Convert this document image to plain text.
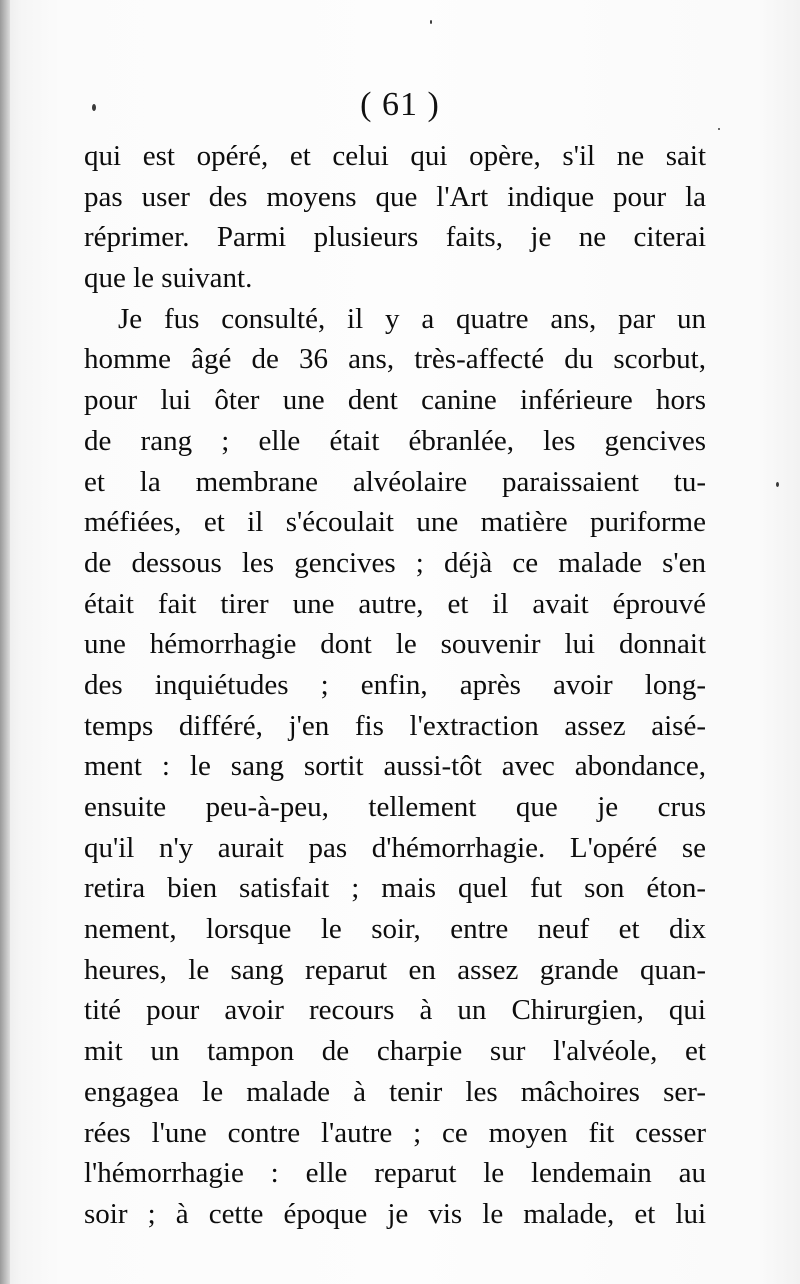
( 61 )
qui est opéré, et celui qui opère, s'il ne sait
pas user des moyens que l'Art indique pour la
réprimer. Parmi plusieurs faits, je ne citerai
que le suivant.
Je fus consulté, il y a quatre ans, par un
homme âgé de 36 ans, très-affecté du scorbut,
pour lui ôter une dent canine inférieure hors
de rang ; elle était ébranlée, les gencives
et la membrane alvéolaire paraissaient tu-
méfiées, et il s'écoulait une matière puriforme
de dessous les gencives ; déjà ce malade s'en
était fait tirer une autre, et il avait éprouvé
une hémorrhagie dont le souvenir lui donnait
des inquiétudes ; enfin, après avoir long-
temps différé, j'en fis l'extraction assez aisé-
ment : le sang sortit aussi-tôt avec abondance,
ensuite peu-à-peu, tellement que je crus
qu'il n'y aurait pas d'hémorrhagie. L'opéré se
retira bien satisfait ; mais quel fut son éton-
nement, lorsque le soir, entre neuf et dix
heures, le sang reparut en assez grande quan-
tité pour avoir recours à un Chirurgien, qui
mit un tampon de charpie sur l'alvéole, et
engagea le malade à tenir les mâchoires ser-
rées l'une contre l'autre ; ce moyen fit cesser
l'hémorrhagie : elle reparut le lendemain au
soir ; à cette époque je vis le malade, et lui
